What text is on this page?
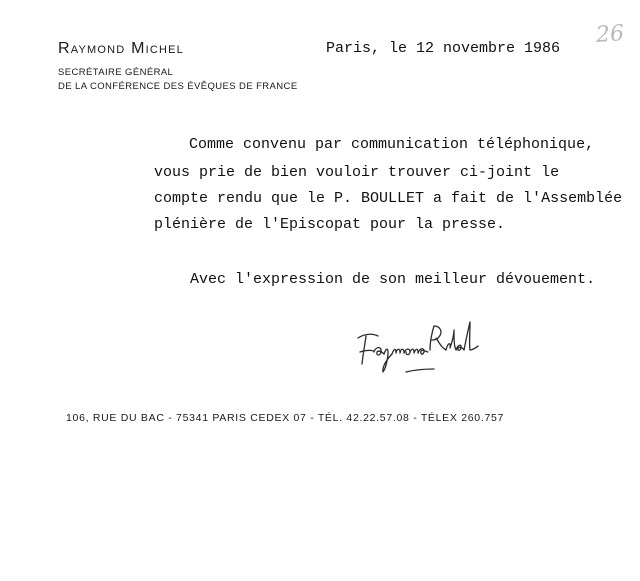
Raymond Michel
SECRÉTAIRE GÉNÉRAL
DE LA CONFÉRENCE DES ÉVÊQUES DE FRANCE
Paris, le 12 novembre 1986
26
Comme convenu par communication téléphonique,
vous prie de bien vouloir trouver ci-joint le
compte rendu que le P. BOULLET a fait de l'Assemblée
plénière de l'Episcopat pour la presse.
Avec l'expression de son meilleur dévouement.
106, RUE DU BAC - 75341 PARIS CEDEX 07 - TÉL. 42.22.57.08 - TÉLEX 260.757
